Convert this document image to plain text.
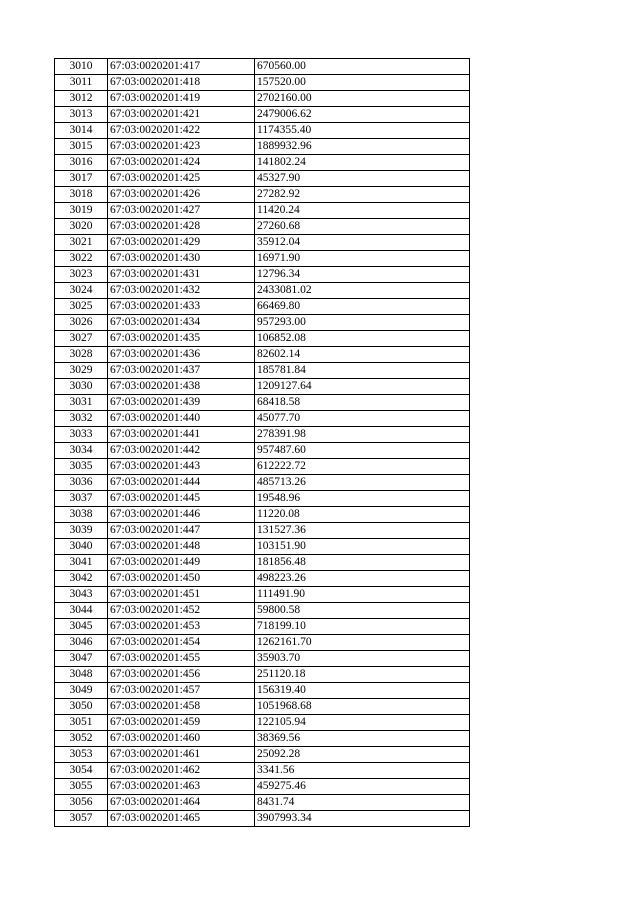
3010	67:03:0020201:417	670560.00
3011	67:03:0020201:418	157520.00
3012	67:03:0020201:419	2702160.00
3013	67:03:0020201:421	2479006.62
3014	67:03:0020201:422	1174355.40
3015	67:03:0020201:423	1889932.96
3016	67:03:0020201:424	141802.24
3017	67:03:0020201:425	45327.90
3018	67:03:0020201:426	27282.92
3019	67:03:0020201:427	11420.24
3020	67:03:0020201:428	27260.68
3021	67:03:0020201:429	35912.04
3022	67:03:0020201:430	16971.90
3023	67:03:0020201:431	12796.34
3024	67:03:0020201:432	2433081.02
3025	67:03:0020201:433	66469.80
3026	67:03:0020201:434	957293.00
3027	67:03:0020201:435	106852.08
3028	67:03:0020201:436	82602.14
3029	67:03:0020201:437	185781.84
3030	67:03:0020201:438	1209127.64
3031	67:03:0020201:439	68418.58
3032	67:03:0020201:440	45077.70
3033	67:03:0020201:441	278391.98
3034	67:03:0020201:442	957487.60
3035	67:03:0020201:443	612222.72
3036	67:03:0020201:444	485713.26
3037	67:03:0020201:445	19548.96
3038	67:03:0020201:446	11220.08
3039	67:03:0020201:447	131527.36
3040	67:03:0020201:448	103151.90
3041	67:03:0020201:449	181856.48
3042	67:03:0020201:450	498223.26
3043	67:03:0020201:451	111491.90
3044	67:03:0020201:452	59800.58
3045	67:03:0020201:453	718199.10
3046	67:03:0020201:454	1262161.70
3047	67:03:0020201:455	35903.70
3048	67:03:0020201:456	251120.18
3049	67:03:0020201:457	156319.40
3050	67:03:0020201:458	1051968.68
3051	67:03:0020201:459	122105.94
3052	67:03:0020201:460	38369.56
3053	67:03:0020201:461	25092.28
3054	67:03:0020201:462	3341.56
3055	67:03:0020201:463	459275.46
3056	67:03:0020201:464	8431.74
3057	67:03:0020201:465	3907993.34
